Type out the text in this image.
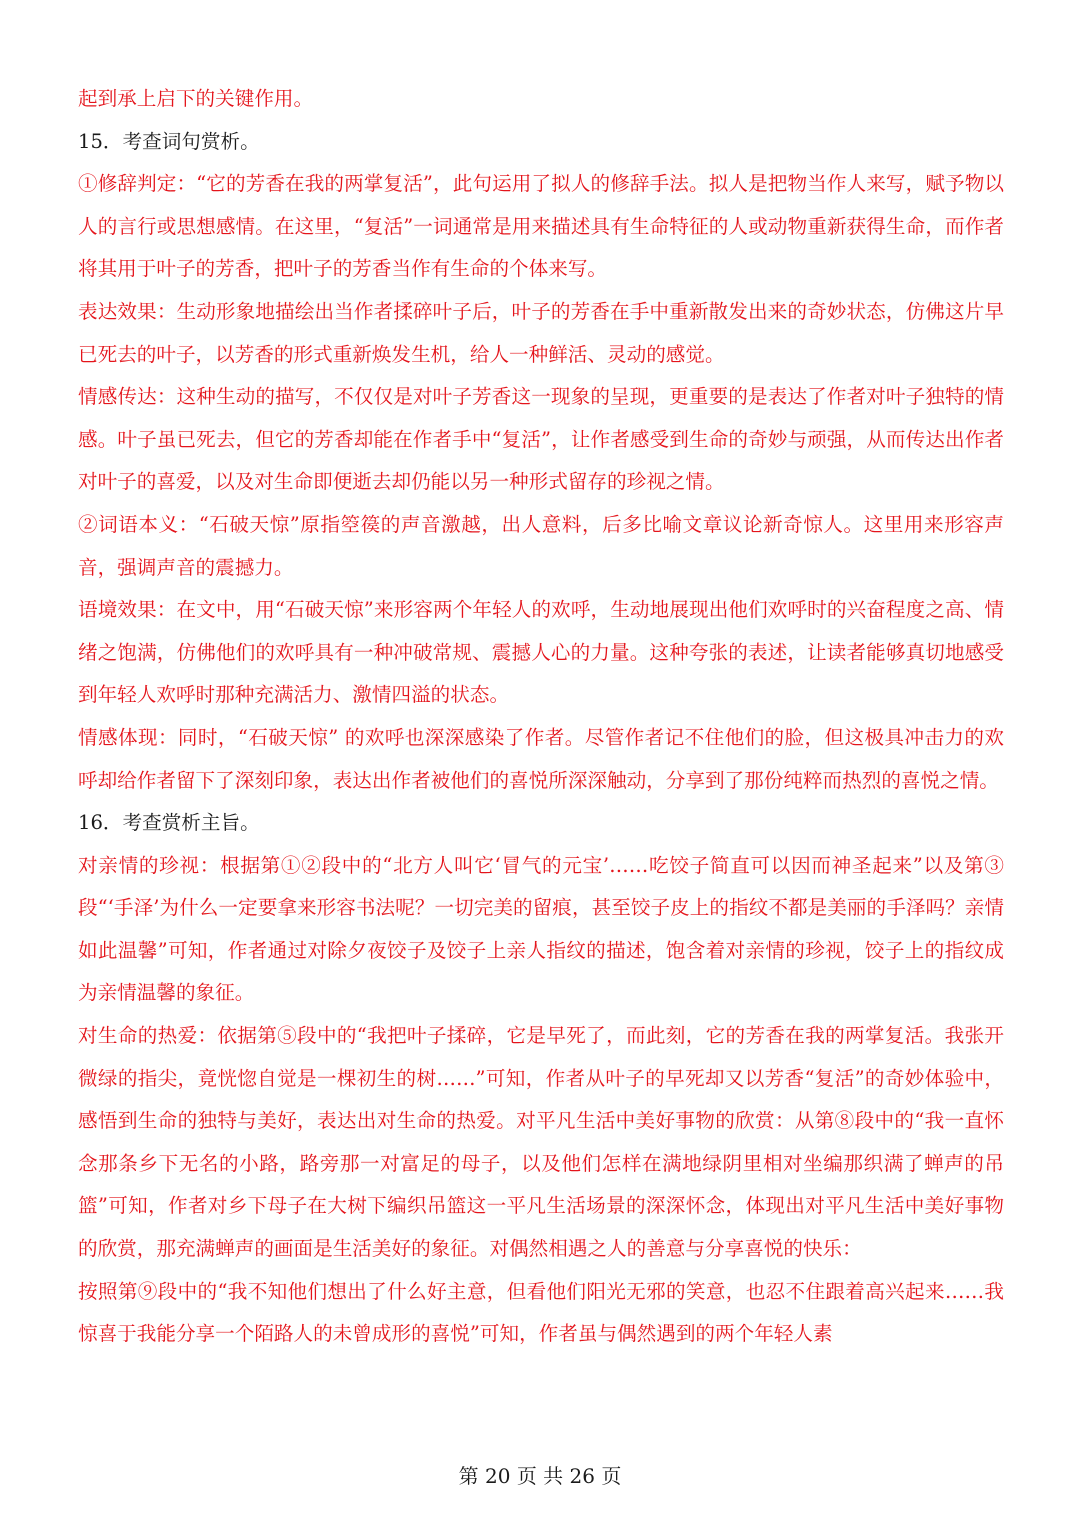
起到承上启下的关键作用。

15．考查词句赏析。

①修辞判定：“它的芳香在我的两掌复活”，此句运用了拟人的修辞手法。拟人是把物当作人来写，赋予物以人的言行或思想感情。在这里，“复活”一词通常是用来描述具有生命特征的人或动物重新获得生命，而作者将其用于叶子的芳香，把叶子的芳香当作有生命的个体来写。

表达效果：生动形象地描绘出当作者揉碎叶子后，叶子的芳香在手中重新散发出来的奇妙状态，仿佛这片早已死去的叶子，以芳香的形式重新焕发生机，给人一种鲜活、灵动的感觉。

情感传达：这种生动的描写，不仅仅是对叶子芳香这一现象的呈现，更重要的是表达了作者对叶子独特的情感。叶子虽已死去，但它的芳香却能在作者手中“复活”，让作者感受到生命的奇妙与顽强，从而传达出作者对叶子的喜爱，以及对生命即便逝去却仍能以另一种形式留存的珍视之情。

②词语本义：“石破天惊”原指箜篌的声音激越，出人意料，后多比喻文章议论新奇惊人。这里用来形容声音，强调声音的震撼力。

语境效果：在文中，用“石破天惊”来形容两个年轻人的欢呼，生动地展现出他们欢呼时的兴奋程度之高、情绪之饱满，仿佛他们的欢呼具有一种冲破常规、震撼人心的力量。这种夸张的表述，让读者能够真切地感受到年轻人欢呼时那种充满活力、激情四溢的状态。

情感体现：同时，“石破天惊” 的欢呼也深深感染了作者。尽管作者记不住他们的脸，但这极具冲击力的欢呼却给作者留下了深刻印象，表达出作者被他们的喜悦所深深触动，分享到了那份纯粹而热烈的喜悦之情。

16．考查赏析主旨。

对亲情的珍视：根据第①②段中的“北方人叫它‘冒气的元宝’……吃饺子简直可以因而神圣起来”以及第③段“‘手泽’为什么一定要拿来形容书法呢？一切完美的留痕，甚至饺子皮上的指纹不都是美丽的手泽吗？亲情如此温馨”可知，作者通过对除夕夜饺子及饺子上亲人指纹的描述，饱含着对亲情的珍视，饺子上的指纹成为亲情温馨的象征。

对生命的热爱：依据第⑤段中的“我把叶子揉碎，它是早死了，而此刻，它的芳香在我的两掌复活。我张开微绿的指尖，竟恍惚自觉是一棵初生的树……”可知，作者从叶子的早死却又以芳香“复活”的奇妙体验中，感悟到生命的独特与美好，表达出对生命的热爱。对平凡生活中美好事物的欣赏：从第⑧段中的“我一直怀念那条乡下无名的小路，路旁那一对富足的母子，以及他们怎样在满地绿阴里相对坐编那织满了蝉声的吊篮”可知，作者对乡下母子在大树下编织吊篮这一平凡生活场景的深深怀念，体现出对平凡生活中美好事物的欣赏，那充满蝉声的画面是生活美好的象征。对偶然相遇之人的善意与分享喜悦的快乐：

按照第⑨段中的“我不知他们想出了什么好主意，但看他们阳光无邪的笑意，也忍不住跟着高兴起来……我惊喜于我能分享一个陌路人的未曾成形的喜悦”可知，作者虽与偶然遇到的两个年轻人素

第 20 页 共 26 页
